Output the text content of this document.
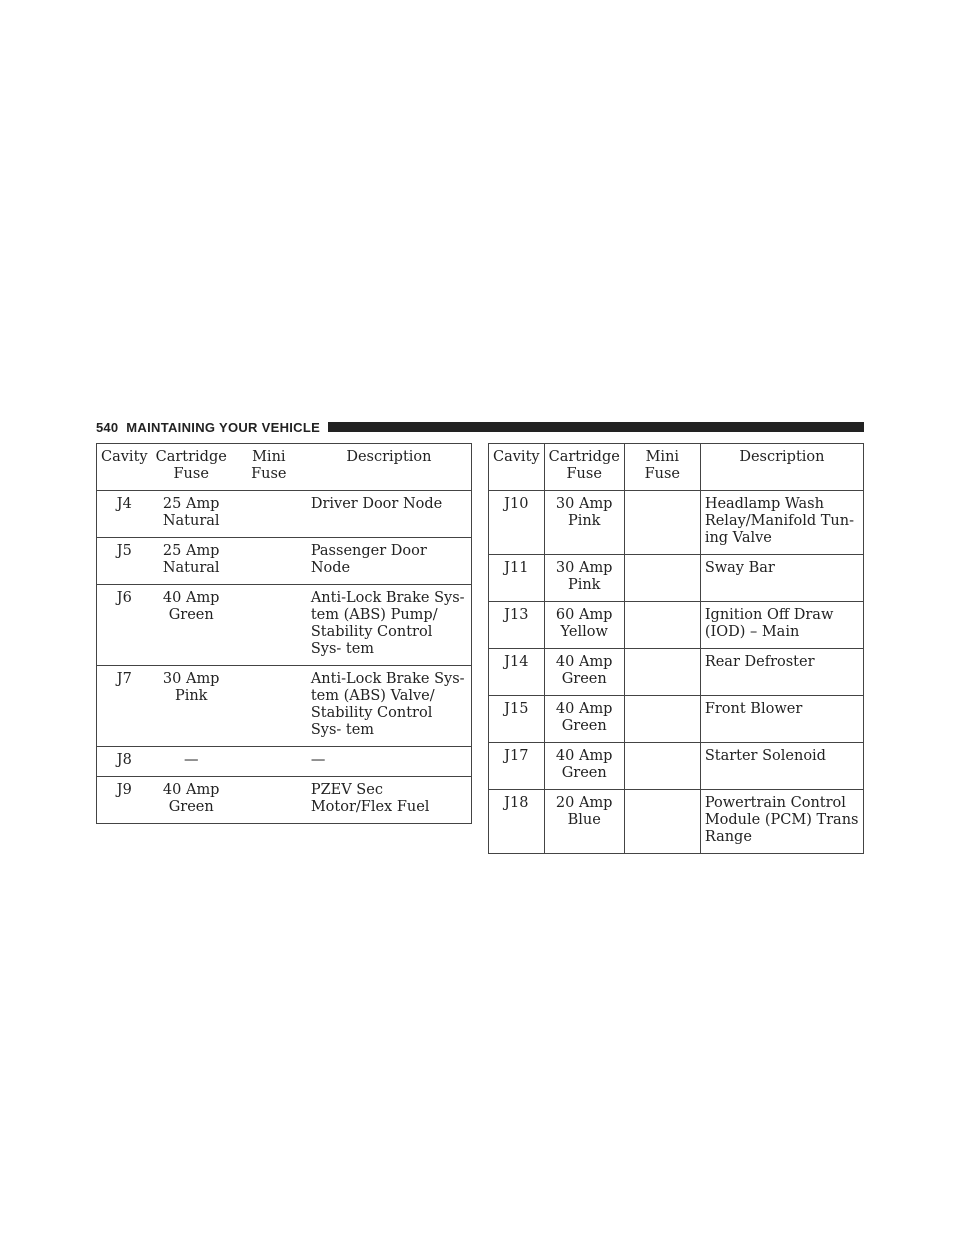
540 MAINTAINING YOUR VEHICLE
Cavity	Cartridge Fuse	Mini Fuse	Description
J4	25 Amp Natural		Driver Door Node
J5	25 Amp Natural		Passenger Door Node
J6	40 Amp Green		Anti-Lock Brake Sys- tem (ABS) Pump/ Stability Control Sys- tem
J7	30 Amp Pink		Anti-Lock Brake Sys- tem (ABS) Valve/ Stability Control Sys- tem
J8	—		—
J9	40 Amp Green		PZEV Sec Motor/Flex Fuel
Cavity	Cartridge Fuse	Mini Fuse	Description
J10	30 Amp Pink		Headlamp Wash Relay/Manifold Tun- ing Valve
J11	30 Amp Pink		Sway Bar
J13	60 Amp Yellow		Ignition Off Draw (IOD) – Main
J14	40 Amp Green		Rear Defroster
J15	40 Amp Green		Front Blower
J17	40 Amp Green		Starter Solenoid
J18	20 Amp Blue		Powertrain Control Module (PCM) Trans Range
